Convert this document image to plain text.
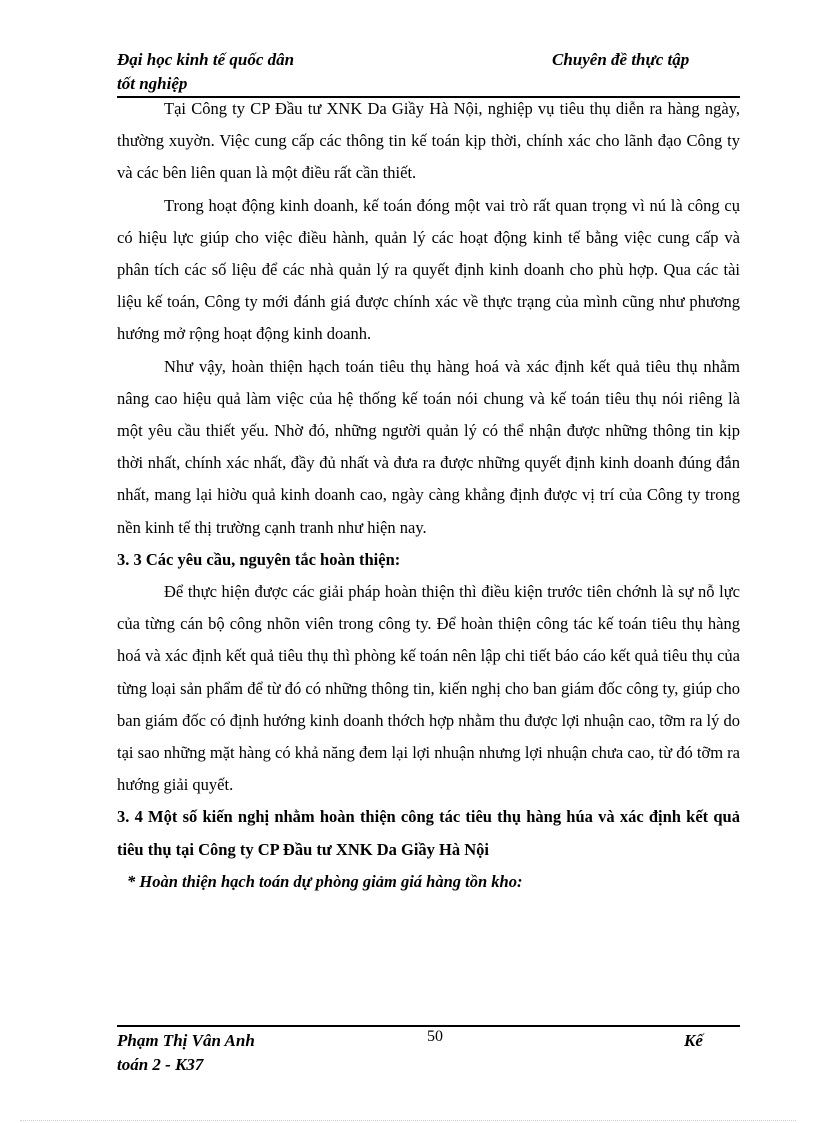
Đại học kinh tế quốc dân	Chuyên đề thực tập
tốt nghiệp

Tại Công ty CP Đầu tư XNK Da Giầy Hà Nội, nghiệp vụ tiêu thụ diễn ra hàng ngày, thường xuyờn. Việc cung cấp các thông tin kế toán kịp thời, chính xác cho lãnh đạo Công ty và các bên liên quan là một điều rất cần thiết.

Trong hoạt động kinh doanh, kế toán đóng một vai trò rất quan trọng vì nú là công cụ có hiệu lực giúp cho việc điều hành, quản lý các hoạt động kinh tế bằng việc cung cấp và phân tích các số liệu để các nhà quản lý ra quyết định kinh doanh cho phù hợp. Qua các tài liệu kế toán, Công ty mới đánh giá được chính xác về thực trạng của mình cũng như phương hướng mở rộng hoạt động kinh doanh.

Như vậy, hoàn thiện hạch toán tiêu thụ hàng hoá và xác định kết quả tiêu thụ nhằm nâng cao hiệu quả làm việc của hệ thống kế toán nói chung và kế toán tiêu thụ nói riêng là một yêu cầu thiết yếu. Nhờ đó, những người quản lý có thể nhận được những thông tin kịp thời nhất, chính xác nhất, đầy đủ nhất và đưa ra được những quyết định kinh doanh đúng đắn nhất, mang lại hiờu quả kinh doanh cao, ngày càng khẳng định được vị trí của Công ty trong nền kinh tế thị trường cạnh tranh như hiện nay.

3. 3 Các yêu cầu, nguyên tắc hoàn thiện:

Để thực hiện được các giải pháp hoàn thiện thì điều kiện trước tiên chớnh là sự nỗ lực của từng cán bộ công nhõn viên trong công ty. Để hoàn thiện công tác kế toán tiêu thụ hàng hoá và xác định kết quả tiêu thụ thì phòng kế toán nên lập chi tiết báo cáo kết quả tiêu thụ của từng loại sản phẩm để từ đó có những thông tin, kiến nghị cho ban giám đốc công ty, giúp cho ban giám đốc có định hướng kinh doanh thớch hợp nhằm thu được lợi nhuận cao, tỡm ra lý do tại sao những mặt hàng có khả năng đem lại lợi nhuận nhưng lợi nhuận chưa cao, từ đó tỡm ra hướng giải quyết.

3. 4 Một số kiến nghị nhằm hoàn thiện công tác tiêu thụ hàng húa và xác định kết quả tiêu thụ tại Công ty CP Đầu tư XNK Da Giầy Hà Nội

* Hoàn thiện hạch toán dự phòng giảm giá hàng tồn kho:

50
Phạm Thị Vân Anh	Kế
toán 2 - K37
